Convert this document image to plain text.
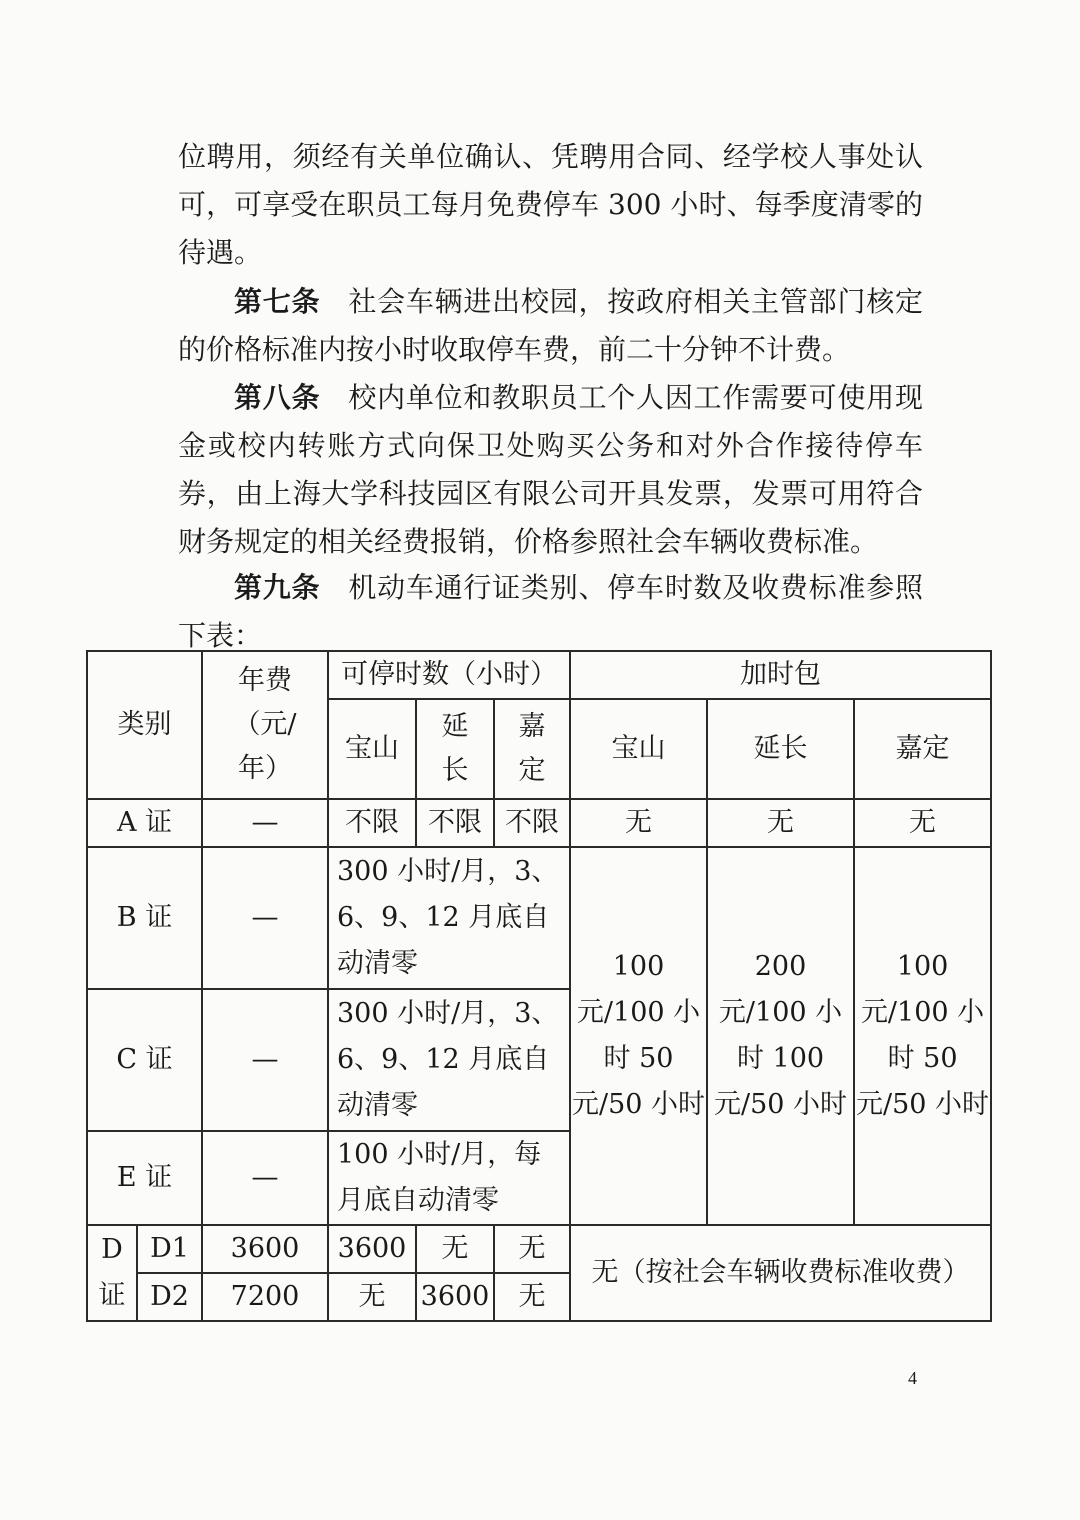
位聘用，须经有关单位确认、凭聘用合同、经学校人事处认可，可享受在职员工每月免费停车 300 小时、每季度清零的待遇。

第七条 社会车辆进出校园，按政府相关主管部门核定的价格标准内按小时收取停车费，前二十分钟不计费。

第八条 校内单位和教职员工个人因工作需要可使用现金或校内转账方式向保卫处购买公务和对外合作接待停车券，由上海大学科技园区有限公司开具发票，发票可用符合财务规定的相关经费报销，价格参照社会车辆收费标准。

第九条 机动车通行证类别、停车时数及收费标准参照下表：

类别		年费（元/年）	可停时数（小时）			加时包		
			宝山	延长	嘉定	宝山	延长	嘉定
A 证		—	不限	不限	不限	无	无	无
B 证		—	300 小时/月，3、6、9、12 月底自动清零			100 元/100 小时 50 元/50 小时	200 元/100 小时 100 元/50 小时	100 元/100 小时 50 元/50 小时
C 证		—	300 小时/月，3、6、9、12 月底自动清零					
E 证		—	100 小时/月，每月底自动清零					
D 证	D1	3600	3600	无	无	无（按社会车辆收费标准收费）		
	D2	7200	无	3600	无			
4
